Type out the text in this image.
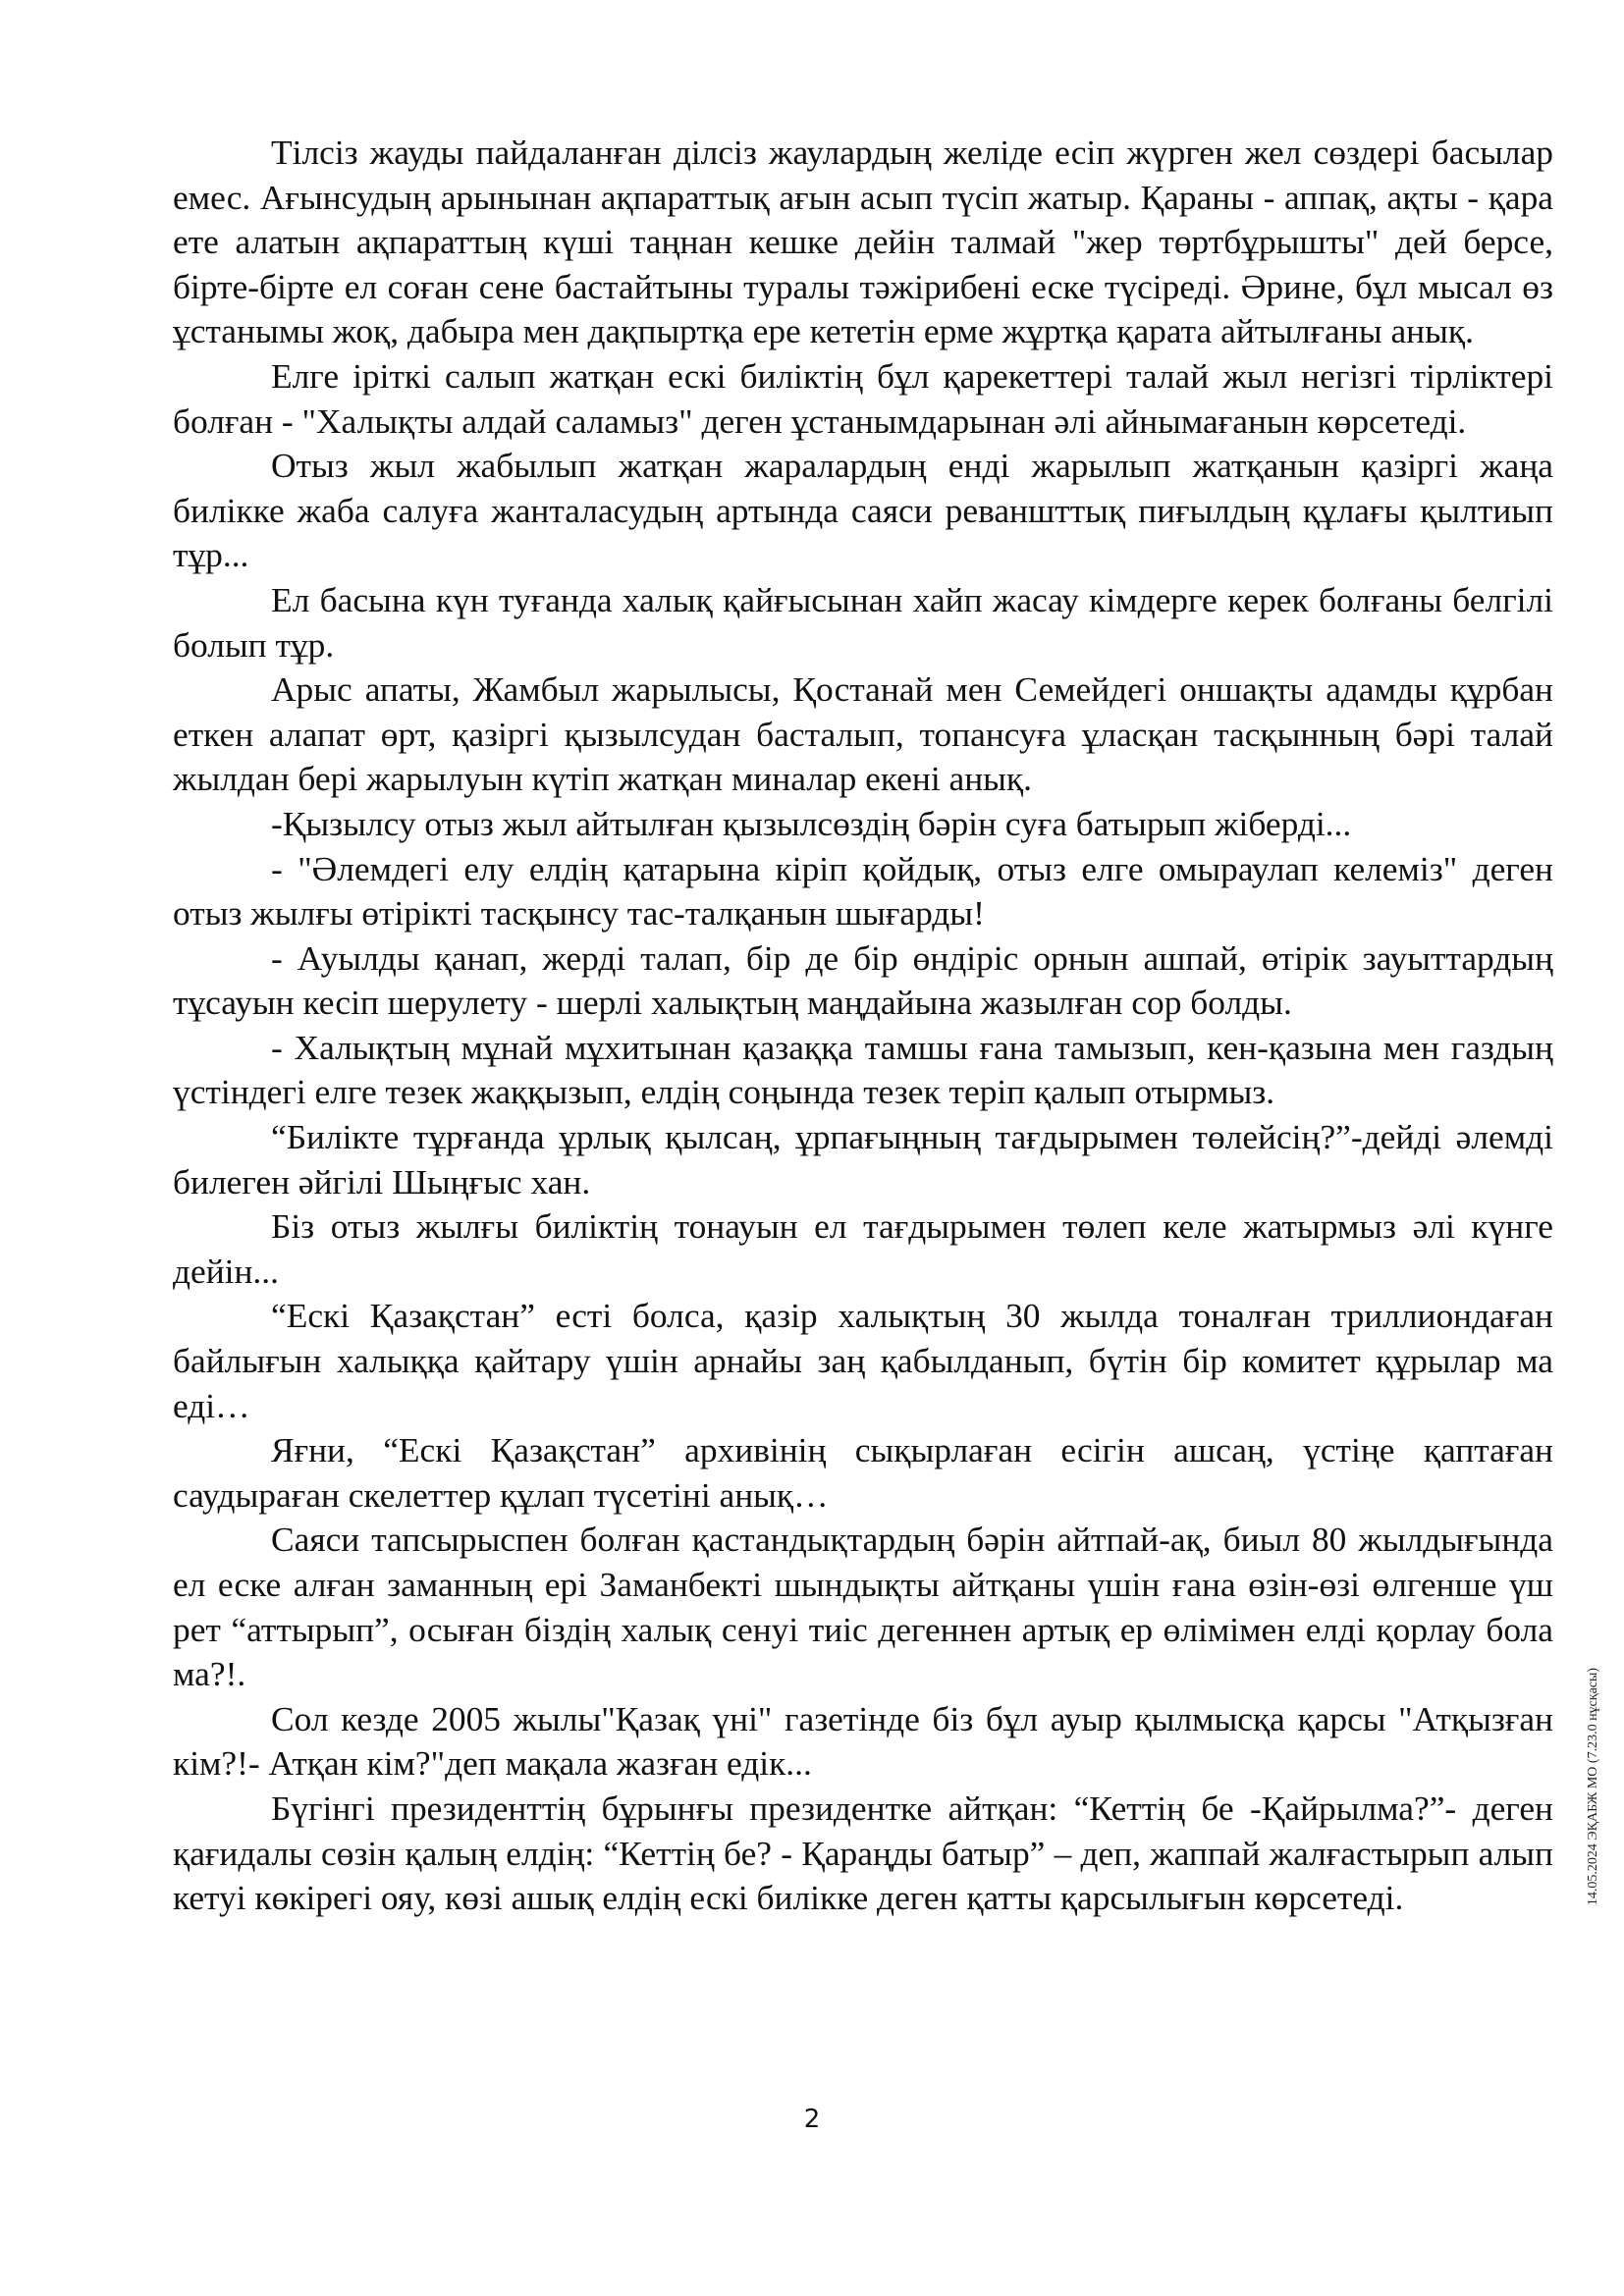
Тілсіз жауды пайдаланған ділсіз жаулардың желіде есіп жүрген жел сөздері басылар емес. Ағынсудың арынынан ақпараттық ағын асып түсіп жатыр. Қараны - аппақ, ақты - қара ете алатын ақпараттың күші таңнан кешке дейін талмай "жер төртбұрышты" дей берсе, бірте-бірте ел соған сене бастайтыны туралы тәжірибені еске түсіреді. Әрине, бұл мысал өз ұстанымы жоқ, дабыра мен дақпыртқа ере кететін ерме жұртқа қарата айтылғаны анық.

Елге іріткі салып жатқан ескі биліктің бұл қарекеттері талай жыл негізгі тірліктері болған - "Халықты алдай саламыз" деген ұстанымдарынан әлі айнымағанын көрсетеді.

Отыз жыл жабылып жатқан жаралардың енді жарылып жатқанын қазіргі жаңа билікке жаба салуға жанталасудың артында саяси реваншттық пиғылдың құлағы қылтиып тұр...

Ел басына күн туғанда халық қайғысынан хайп жасау кімдерге керек болғаны белгілі болып тұр.

Арыс апаты, Жамбыл жарылысы, Қостанай мен Семейдегі оншақты адамды құрбан еткен алапат өрт, қазіргі қызылсудан басталып, топансуға ұласқан тасқынның бәрі талай жылдан бері жарылуын күтіп жатқан миналар екені анық.

-Қызылсу отыз жыл айтылған қызылсөздің бәрін суға батырып жіберді...

- "Әлемдегі елу елдің қатарына кіріп қойдық, отыз елге омыраулап келеміз" деген отыз жылғы өтірікті тасқынсу тас-талқанын шығарды!

- Ауылды қанап, жерді талап, бір де бір өндіріс орнын ашпай, өтірік зауыттардың тұсауын кесіп шерулету - шерлі халықтың маңдайына жазылған сор болды.

- Халықтың мұнай мұхитынан қазаққа тамшы ғана тамызып, кен-қазына мен газдың үстіндегі елге тезек жаққызып, елдің соңында тезек теріп қалып отырмыз.

“Билікте тұрғанда ұрлық қылсаң, ұрпағыңның тағдырымен төлейсің?”-дейді әлемді билеген әйгілі Шыңғыс хан.

Біз отыз жылғы биліктің тонауын ел тағдырымен төлеп келе жатырмыз әлі күнге дейін...

“Ескі Қазақстан” есті болса, қазір халықтың 30 жылда тоналған триллиондаған байлығын халыққа қайтару үшін арнайы заң қабылданып, бүтін бір комитет құрылар ма еді…

Яғни, “Ескі Қазақстан” архивінің сықырлаған есігін ашсаң, үстіңе қаптаған саудыраған скелеттер құлап түсетіні анық…

Саяси тапсырыспен болған қастандықтардың бәрін айтпай-ақ, биыл 80 жылдығында ел еске алған заманның ері Заманбекті шындықты айтқаны үшін ғана өзін-өзі өлгенше үш рет “аттырып”, осыған біздің халық сенуі тиіс дегеннен артық ер өлімімен елді қорлау бола ма?!.

Сол кезде 2005 жылы"Қазақ үні" газетінде біз бұл ауыр қылмысқа қарсы "Атқызған кім?!- Атқан кім?"деп мақала жазған едік...

Бүгінгі президенттің бұрынғы президентке айтқан: “Кеттің бе -Қайрылма?”- деген қағидалы сөзін қалың елдің: “Кеттің бе? - Қараңды батыр” – деп, жаппай жалғастырып алып кетуі көкірегі ояу, көзі ашық елдің ескі билікке деген қатты қарсылығын көрсетеді.	14.05.2024 ЭҚАБЖ МО (7.23.0 нұсқасы)
2
